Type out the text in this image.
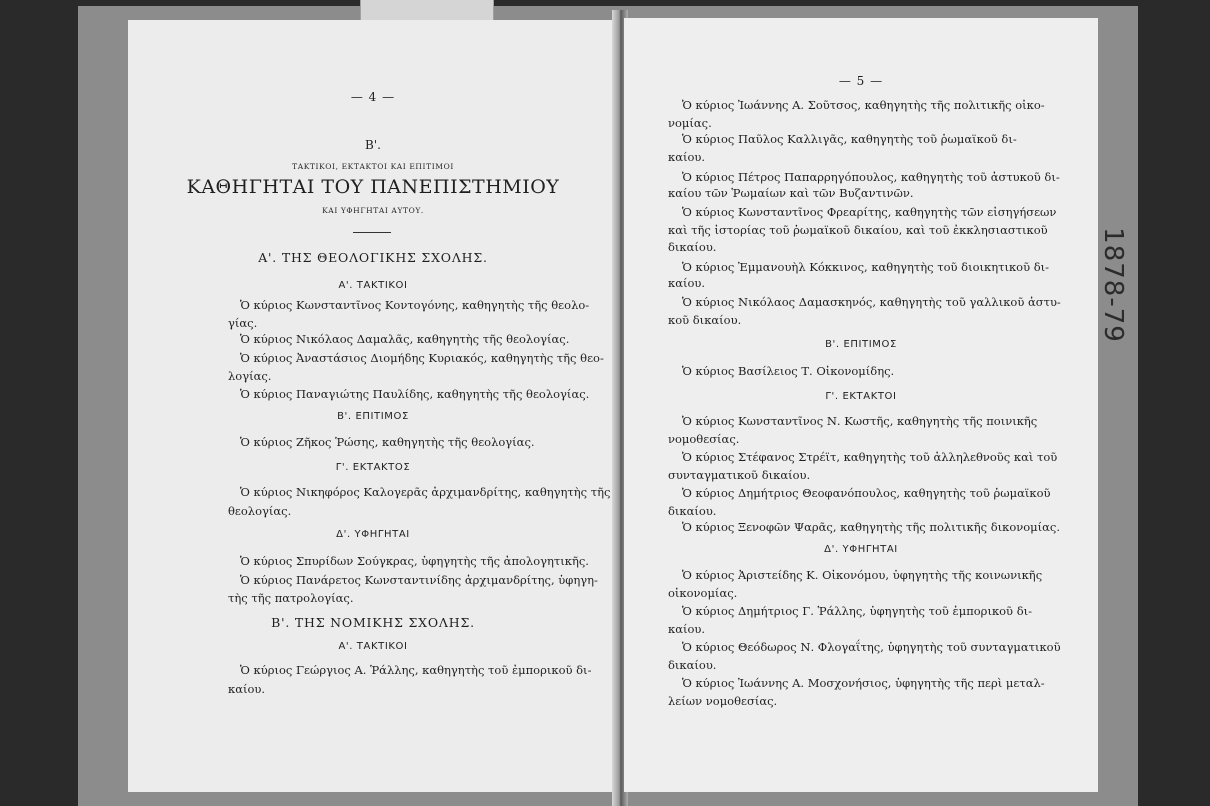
— 4 —
Β'.
ΤΑΚΤΙΚΟΙ, ΕΚΤΑΚΤΟΙ ΚΑΙ ΕΠΙΤΙΜΟΙ
ΚΑΘΗΓΗΤΑΙ ΤΟΥ ΠΑΝΕΠΙΣΤΗΜΙΟΥ
ΚΑΙ ΥΦΗΓΗΤΑΙ ΑΥΤΟΥ.
Α'. ΤΗΣ ΘΕΟΛΟΓΙΚΗΣ ΣΧΟΛΗΣ.
Α'. ΤΑΚΤΙΚΟΙ
Ὁ κύριος Κωνσταντῖνος Κοντογόνης, καθηγητὴς τῆς θεολο-
γίας.
Ὁ κύριος Νικόλαος Δαμαλᾶς, καθηγητὴς τῆς θεολογίας.
Ὁ κύριος Ἀναστάσιος Διομήδης Κυριακός, καθηγητὴς τῆς θεο-
λογίας.
Ὁ κύριος Παναγιώτης Παυλίδης, καθηγητὴς τῆς θεολογίας.
Β'. ΕΠΙΤΙΜΟΣ
Ὁ κύριος Ζῆκος Ῥώσης, καθηγητὴς τῆς θεολογίας.
Γ'. ΕΚΤΑΚΤΟΣ
Ὁ κύριος Νικηφόρος Καλογερᾶς ἀρχιμανδρίτης, καθηγητὴς τῆς
θεολογίας.
Δ'. ΥΦΗΓΗΤΑΙ
Ὁ κύριος Σπυρίδων Σούγκρας, ὑφηγητὴς τῆς ἀπολογητικῆς.
Ὁ κύριος Πανάρετος Κωνσταντινίδης ἀρχιμανδρίτης, ὑφηγη-
τὴς τῆς πατρολογίας.
Β'. ΤΗΣ ΝΟΜΙΚΗΣ ΣΧΟΛΗΣ.
Α'. ΤΑΚΤΙΚΟΙ
Ὁ κύριος Γεώργιος Α. Ῥάλλης, καθηγητὴς τοῦ ἐμπορικοῦ δι-
καίου.
— 5 —
Ὁ κύριος Ἰωάννης Α. Σοῦτσος, καθηγητὴς τῆς πολιτικῆς οἰκο-
νομίας.
Ὁ κύριος Παῦλος Καλλιγᾶς, καθηγητὴς τοῦ ῥωμαϊκοῦ δι-
καίου.
Ὁ κύριος Πέτρος Παπαρρηγόπουλος, καθηγητὴς τοῦ ἀστυκοῦ δι-
καίου τῶν Ῥωμαίων καὶ τῶν Βυζαντινῶν.
Ὁ κύριος Κωνσταντῖνος Φρεαρίτης, καθηγητὴς τῶν εἰσηγήσεων
καὶ τῆς ἱστορίας τοῦ ῥωμαϊκοῦ δικαίου, καὶ τοῦ ἐκκλησιαστικοῦ
δικαίου.
Ὁ κύριος Ἐμμανουὴλ Κόκκινος, καθηγητὴς τοῦ διοικητικοῦ δι-
καίου.
Ὁ κύριος Νικόλαος Δαμασκηνός, καθηγητὴς τοῦ γαλλικοῦ ἀστυ-
κοῦ δικαίου.
Β'. ΕΠΙΤΙΜΟΣ
Ὁ κύριος Βασίλειος Τ. Οἰκονομίδης.
Γ'. ΕΚΤΑΚΤΟΙ
Ὁ κύριος Κωνσταντῖνος Ν. Κωστῆς, καθηγητὴς τῆς ποινικῆς
νομοθεσίας.
Ὁ κύριος Στέφανος Στρέϊτ, καθηγητὴς τοῦ ἀλληλεθνοῦς καὶ τοῦ
συνταγματικοῦ δικαίου.
Ὁ κύριος Δημήτριος Θεοφανόπουλος, καθηγητὴς τοῦ ῥωμαϊκοῦ
δικαίου.
Ὁ κύριος Ξενοφῶν Ψαρᾶς, καθηγητὴς τῆς πολιτικῆς δικονομίας.
Δ'. ΥΦΗΓΗΤΑΙ
Ὁ κύριος Ἀριστείδης Κ. Οἰκονόμου, ὑφηγητὴς τῆς κοινωνικῆς
οἰκονομίας.
Ὁ κύριος Δημήτριος Γ. Ῥάλλης, ὑφηγητὴς τοῦ ἐμπορικοῦ δι-
καίου.
Ὁ κύριος Θεόδωρος Ν. Φλογαΐτης, ὑφηγητὴς τοῦ συνταγματικοῦ
δικαίου.
Ὁ κύριος Ἰωάννης Α. Μοσχονήσιος, ὑφηγητὴς τῆς περὶ μεταλ-
λείων νομοθεσίας.
1878-79
